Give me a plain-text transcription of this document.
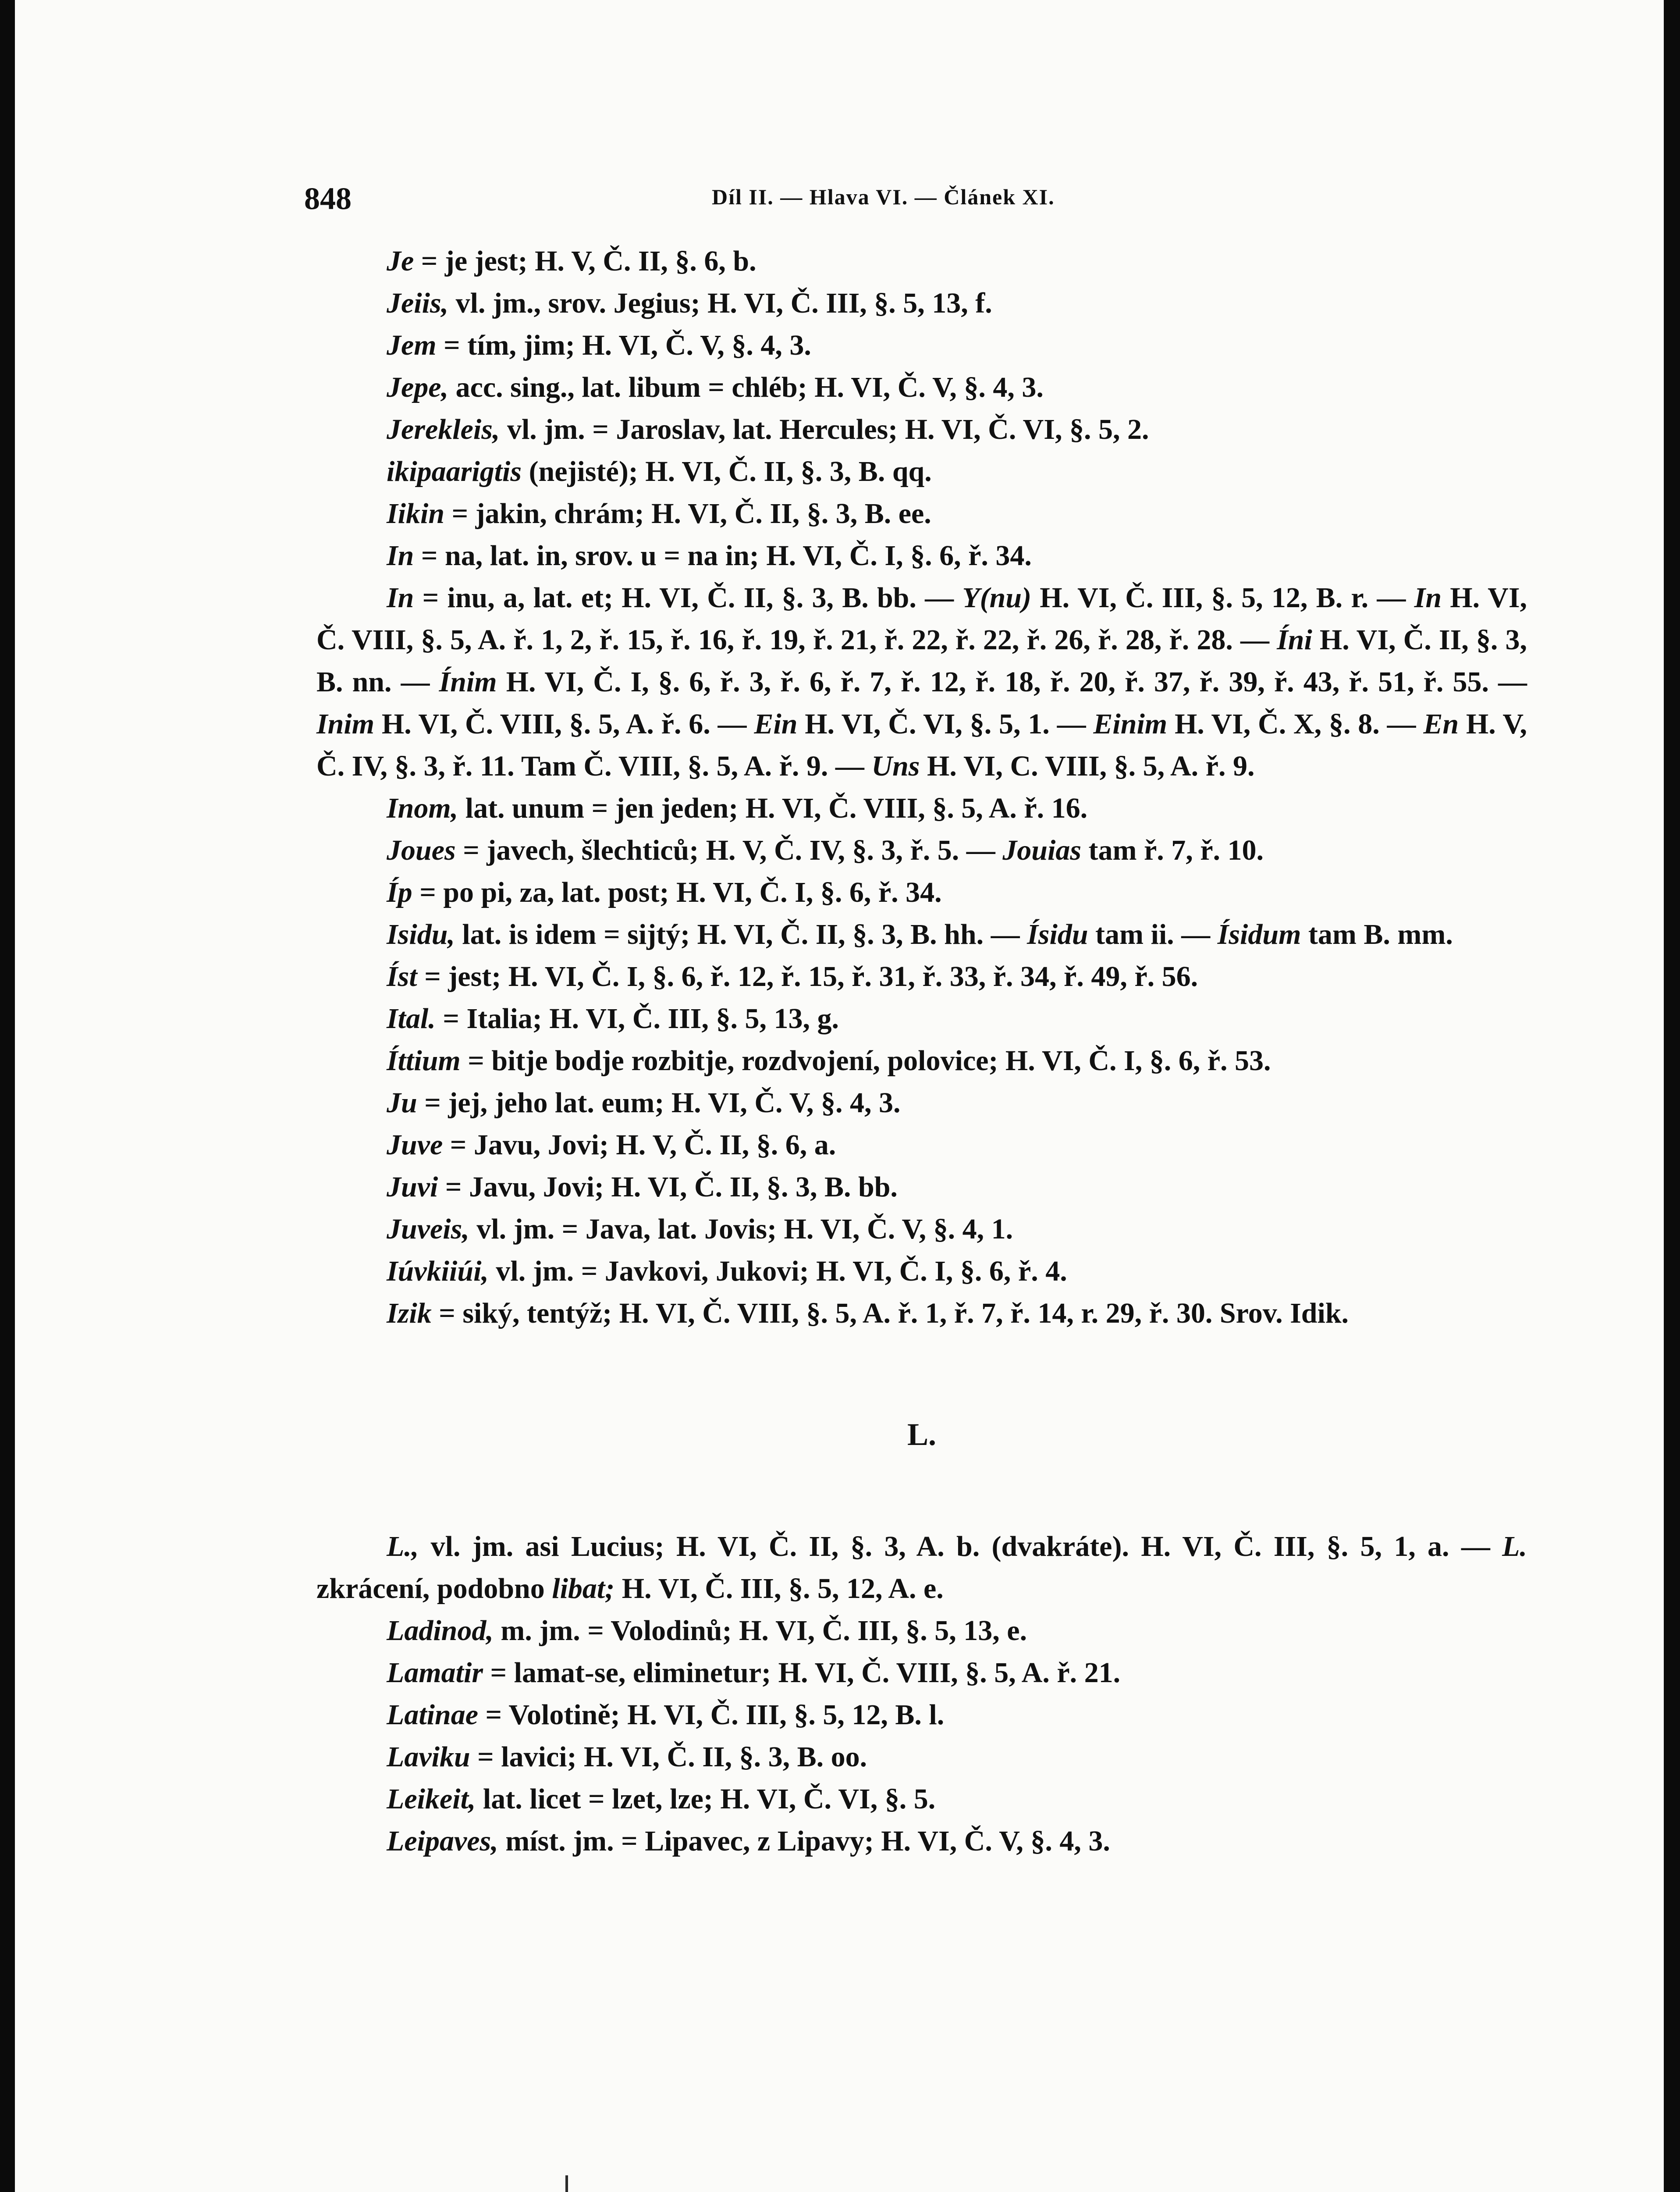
848	Díl II. — Hlava VI. — Článek XI.

Je = je jest; H. V, Č. II, §. 6, b.

Jeiis, vl. jm., srov. Jegius; H. VI, Č. III, §. 5, 13, f.

Jem = tím, jim; H. VI, Č. V, §. 4, 3.

Jepe, acc. sing., lat. libum = chléb; H. VI, Č. V, §. 4, 3.

Jerekleis, vl. jm. = Jaroslav, lat. Hercules; H. VI, Č. VI, §. 5, 2.

ikipaarigtis (nejisté); H. VI, Č. II, §. 3, B. qq.

Iikin = jakin, chrám; H. VI, Č. II, §. 3, B. ee.

In = na, lat. in, srov. u = na in; H. VI, Č. I, §. 6, ř. 34.

In = inu, a, lat. et; H. VI, Č. II, §. 3, B. bb. — Y(nu) H. VI, Č. III, §. 5, 12, B. r. — In H. VI, Č. VIII, §. 5, A. ř. 1, 2, ř. 15, ř. 16, ř. 19, ř. 21, ř. 22, ř. 22, ř. 26, ř. 28, ř. 28. — Íni H. VI, Č. II, §. 3, B. nn. — Ínim H. VI, Č. I, §. 6, ř. 3, ř. 6, ř. 7, ř. 12, ř. 18, ř. 20, ř. 37, ř. 39, ř. 43, ř. 51, ř. 55. — Inim H. VI, Č. VIII, §. 5, A. ř. 6. — Ein H. VI, Č. VI, §. 5, 1. — Einim H. VI, Č. X, §. 8. — En H. V, Č. IV, §. 3, ř. 11. Tam Č. VIII, §. 5, A. ř. 9. — Uns H. VI, C. VIII, §. 5, A. ř. 9.

Inom, lat. unum = jen jeden; H. VI, Č. VIII, §. 5, A. ř. 16.

Joues = javech, šlechticů; H. V, Č. IV, §. 3, ř. 5. — Jouias tam ř. 7, ř. 10.

Íp = po pi, za, lat. post; H. VI, Č. I, §. 6, ř. 34.

Isidu, lat. is idem = sijtý; H. VI, Č. II, §. 3, B. hh. — Ísidu tam ii. — Ísidum tam B. mm.

Íst = jest; H. VI, Č. I, §. 6, ř. 12, ř. 15, ř. 31, ř. 33, ř. 34, ř. 49, ř. 56.

Ital. = Italia; H. VI, Č. III, §. 5, 13, g.

Íttium = bitje bodje rozbitje, rozdvojení, polovice; H. VI, Č. I, §. 6, ř. 53.

Ju = jej, jeho lat. eum; H. VI, Č. V, §. 4, 3.

Juve = Javu, Jovi; H. V, Č. II, §. 6, a.

Juvi = Javu, Jovi; H. VI, Č. II, §. 3, B. bb.

Juveis, vl. jm. = Java, lat. Jovis; H. VI, Č. V, §. 4, 1.

Iúvkiiúi, vl. jm. = Javkovi, Jukovi; H. VI, Č. I, §. 6, ř. 4.

Izik = siký, tentýž; H. VI, Č. VIII, §. 5, A. ř. 1, ř. 7, ř. 14, r. 29, ř. 30. Srov. Idik.

L.

L., vl. jm. asi Lucius; H. VI, Č. II, §. 3, A. b. (dvakráte). H. VI, Č. III, §. 5, 1, a. — L. zkrácení, podobno libat; H. VI, Č. III, §. 5, 12, A. e.

Ladinod, m. jm. = Volodinů; H. VI, Č. III, §. 5, 13, e.

Lamatir = lamat-se, eliminetur; H. VI, Č. VIII, §. 5, A. ř. 21.

Latinae = Volotině; H. VI, Č. III, §. 5, 12, B. l.

Laviku = lavici; H. VI, Č. II, §. 3, B. oo.

Leikeit, lat. licet = lzet, lze; H. VI, Č. VI, §. 5.

Leipaves, míst. jm. = Lipavec, z Lipavy; H. VI, Č. V, §. 4, 3.
